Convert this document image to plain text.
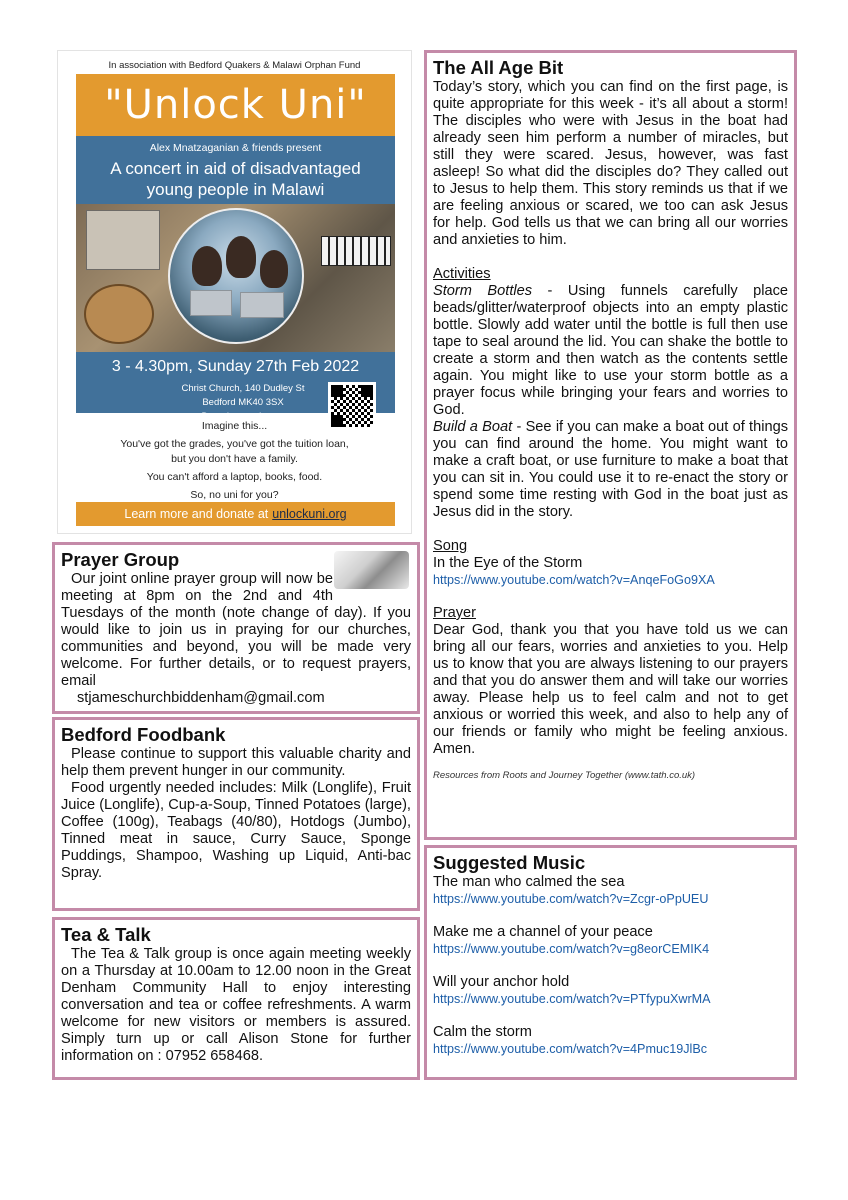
In association with Bedford Quakers & Malawi Orphan Fund
"Unlock Uni"
Alex Mnatzaganian & friends present
A concert in aid of disadvantaged young people in Malawi
3 - 4.30pm, Sunday 27th Feb 2022
Christ Church, 140 Dudley St
Bedford MK40 3SX
Donations welcome
Imagine this...
You've got the grades, you've got the tuition loan,
but you don't have a family.
You can't afford a laptop, books, food.
So, no uni for you?
Learn more and donate at unlockuni.org
Prayer Group

Our joint online prayer group will now be meeting at 8pm on the 2nd and 4th Tuesdays of the month (note change of day). If you would like to join us in praying for our churches, communities and beyond, you will be made very welcome. For further details, or to request prayers, email

stjameschurchbiddenham@gmail.com

Bedford Foodbank

Please continue to support this valuable charity and help them prevent hunger in our community.

Food urgently needed includes: Milk (Longlife), Fruit Juice (Longlife), Cup-a-Soup, Tinned Potatoes (large), Coffee (100g), Teabags (40/80), Hotdogs (Jumbo), Tinned meat in sauce, Curry Sauce, Sponge Puddings, Shampoo, Washing up Liquid, Anti-bac Spray.

Tea & Talk

The Tea & Talk group is once again meeting weekly on a Thursday at 10.00am to 12.00 noon in the Great Denham Community Hall to enjoy interesting conversation and tea or coffee refreshments. A warm welcome for new visitors or members is assured. Simply turn up or call Alison Stone for further information on : 07952 658468.

The All Age Bit

Today’s story, which you can find on the first page, is quite appropriate for this week - it’s all about a storm! The disciples who were with Jesus in the boat had already seen him perform a number of miracles, but still they were scared. Jesus, however, was fast asleep! So what did the disciples do? They called out to Jesus to help them. This story reminds us that if we are feeling anxious or scared, we too can ask Jesus for help. God tells us that we can bring all our worries and anxieties to him.

Activities

Storm Bottles - Using funnels carefully place beads/glitter/waterproof objects into an empty plastic bottle. Slowly add water until the bottle is full then use tape to seal around the lid. You can shake the bottle to create a storm and then watch as the contents settle again. You might like to use your storm bottle as a prayer focus while bringing your fears and worries to God.

Build a Boat - See if you can make a boat out of things you can find around the home. You might want to make a craft boat, or use furniture to make a boat that you can sit in. You could use it to re-enact the story or spend some time resting with God in the boat just as Jesus did in the story.

Song

In the Eye of the Storm

https://www.youtube.com/watch?v=AnqeFoGo9XA
Prayer

Dear God, thank you that you have told us we can bring all our fears, worries and anxieties to you. Help us to know that you are always listening to our prayers and that you do answer them and will take our worries away. Please help us to feel calm and not to get anxious or worried this week, and also to help any of our friends or family who might be feeling anxious. Amen.

Resources from Roots and Journey Together (www.tath.co.uk)

Suggested Music

The man who calmed the sea

https://www.youtube.com/watch?v=Zcgr-oPpUEU

Make me a channel of your peace

https://www.youtube.com/watch?v=g8eorCEMIK4

Will your anchor hold

https://www.youtube.com/watch?v=PTfypuXwrMA

Calm the storm

https://www.youtube.com/watch?v=4Pmuc19JlBc
